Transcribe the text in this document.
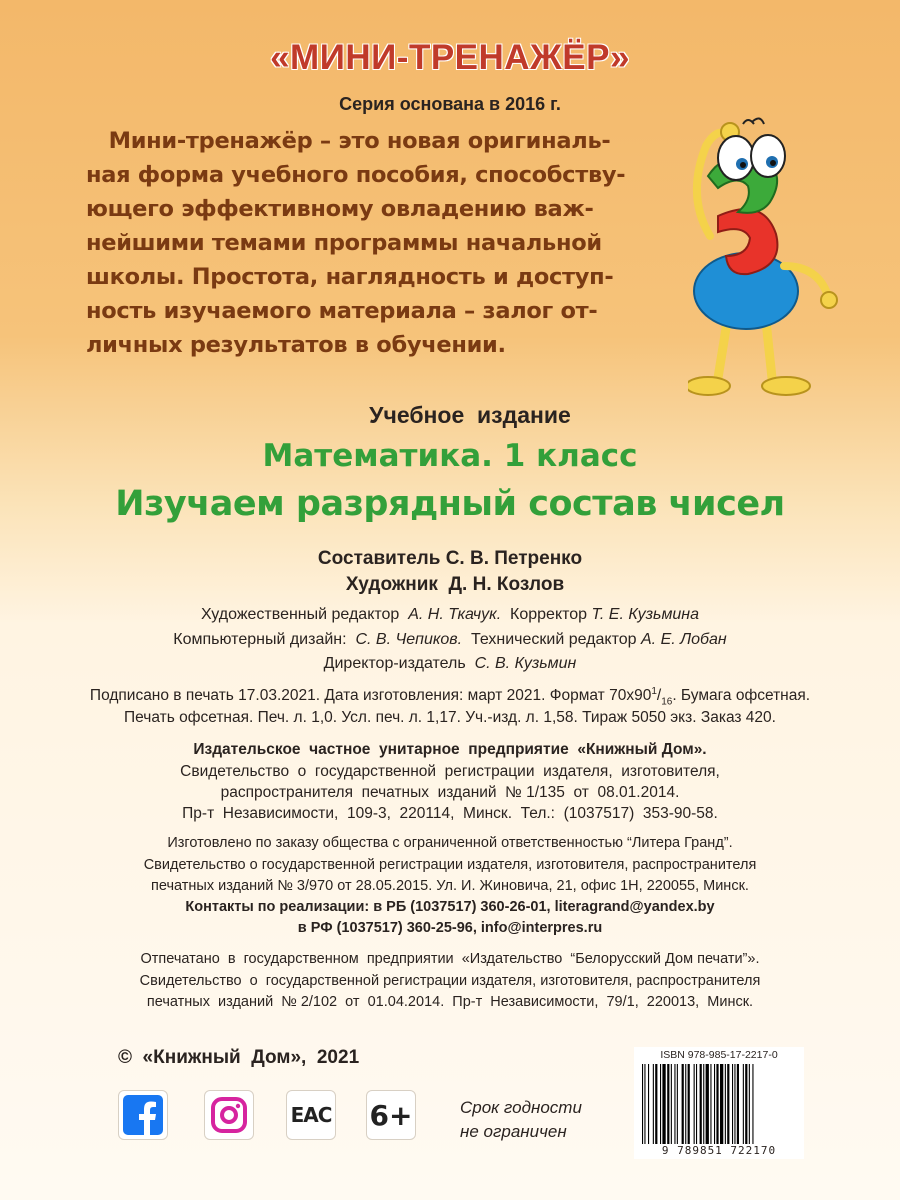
«МИНИ-ТРЕНАЖЁР»
Серия основана в 2016 г.
Мини-тренажёр – это новая оригиналь-
ная форма учебного пособия, способству-
ющего эффективному овладению важ-
нейшими темами программы начальной
школы. Простота, наглядность и доступ-
ность изучаемого материала – залог от-
личных результатов в обучении.
Учебное  издание
Математика. 1 класс
Изучаем разрядный состав чисел
Составитель С. В. Петренко
Художник  Д. Н. Козлов
Художественный редактор А. Н. Ткачук. Корректор Т. Е. Кузьмина
Компьютерный дизайн: С. В. Чепиков. Технический редактор А. Е. Лобан
Директор-издатель С. В. Кузьмин
Подписано в печать 17.03.2021. Дата изготовления: март 2021. Формат $70х90^1/_{16}$. Бумага офсетная.
Печать офсетная. Печ. л. 1,0. Усл. печ. л. 1,17. Уч.-изд. л. 1,58. Тираж 5050 экз. Заказ 420.
Издательское  частное  унитарное  предприятие  «Книжный Дом».
Свидетельство  о  государственной  регистрации  издателя,  изготовителя,
распространителя  печатных  изданий  № 1/135  от  08.01.2014.
Пр-т  Независимости,  109-3,  220114,  Минск.  Тел.:  (1037517)  353-90-58.
Изготовлено по заказу общества с ограниченной ответственностью “Литера Гранд”.
Свидетельство о государственной регистрации издателя, изготовителя, распространителя
печатных изданий № 3/970 от 28.05.2015. Ул. И. Жиновича, 21, офис 1Н, 220055, Минск.
Контакты по реализации: в РБ (1037517) 360-26-01, literagrand@yandex.by
в РФ (1037517) 360-25-96, info@interpres.ru
Отпечатано  в  государственном  предприятии  «Издательство  “Белорусский Дом печати”».
Свидетельство  о  государственной регистрации издателя, изготовителя, распространителя
печатных  изданий  № 2/102  от  01.04.2014.  Пр-т  Независимости,  79/1,  220013,  Минск.
©  «Книжный  Дом»,  2021
EAC 6+	Срок годности
не ограничен
ISBN 978-985-17-2217-0
9 789851 722170
